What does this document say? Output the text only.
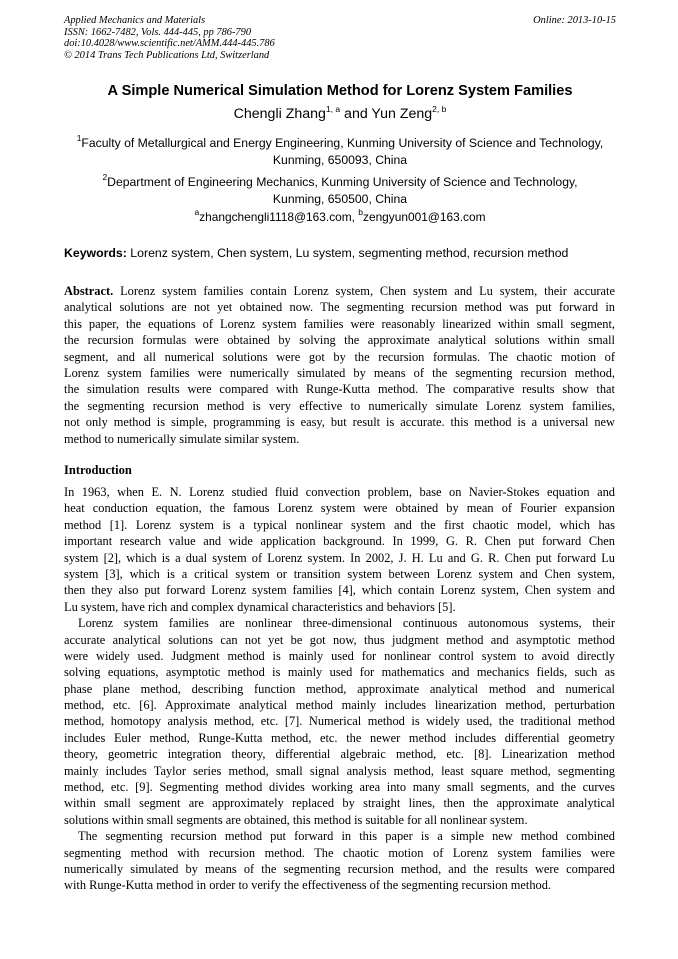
Applied Mechanics and Materials
ISSN: 1662-7482, Vols. 444-445, pp 786-790
doi:10.4028/www.scientific.net/AMM.444-445.786
© 2014 Trans Tech Publications Ltd, Switzerland
Online: 2013-10-15
A Simple Numerical Simulation Method for Lorenz System Families
Chengli Zhang$^{1, a}$ and Yun Zeng$^{2, b}$
$^1$Faculty of Metallurgical and Energy Engineering, Kunming University of Science and Technology,
Kunming, 650093, China
$^2$Department of Engineering Mechanics, Kunming University of Science and Technology,
Kunming, 650500, China
$^a$zhangchengli1118@163.com, $^b$zengyun001@163.com
Keywords: Lorenz system, Chen system, Lu system, segmenting method, recursion method
Abstract. Lorenz system families contain Lorenz system, Chen system and Lu system, their accurate
analytical solutions are not yet obtained now. The segmenting recursion method was put forward in
this paper, the equations of Lorenz system families were reasonably linearized within small segment,
the recursion formulas were obtained by solving the approximate analytical solutions within small
segment, and all numerical solutions were got by the recursion formulas. The chaotic motion of
Lorenz system families were numerically simulated by means of the segmenting recursion method,
the simulation results were compared with Runge-Kutta method. The comparative results show that
the segmenting recursion method is very effective to numerically simulate Lorenz system families,
not only method is simple, programming is easy, but result is accurate. this method is a universal new
method to numerically simulate similar system.
Introduction
In 1963, when E. N. Lorenz studied fluid convection problem, base on Navier-Stokes equation and
heat conduction equation, the famous Lorenz system were obtained by mean of Fourier expansion
method [1]. Lorenz system is a typical nonlinear system and the first chaotic model, which has
important research value and wide application background. In 1999, G. R. Chen put forward Chen
system [2], which is a dual system of Lorenz system. In 2002, J. H. Lu and G. R. Chen put forward Lu
system [3], which is a critical system or transition system between Lorenz system and Chen system,
then they also put forward Lorenz system families [4], which contain Lorenz system, Chen system and
Lu system, have rich and complex dynamical characteristics and behaviors [5].
Lorenz system families are nonlinear three-dimensional continuous autonomous systems, their
accurate analytical solutions can not yet be got now, thus judgment method and asymptotic method
were widely used. Judgment method is mainly used for nonlinear control system to avoid directly
solving equations, asymptotic method is mainly used for mathematics and mechanics fields, such as
phase plane method, describing function method, approximate analytical method and numerical
method, etc. [6]. Approximate analytical method mainly includes linearization method, perturbation
method, homotopy analysis method, etc. [7]. Numerical method is widely used, the traditional method
includes Euler method, Runge-Kutta method, etc. the newer method includes differential geometry
theory, geometric integration theory, differential algebraic method, etc. [8]. Linearization method
mainly includes Taylor series method, small signal analysis method, least square method, segmenting
method, etc. [9]. Segmenting method divides working area into many small segments, and the curves
within small segment are approximately replaced by straight lines, then the approximate analytical
solutions within small segments are obtained, this method is suitable for all nonlinear system.
The segmenting recursion method put forward in this paper is a simple new method combined
segmenting method with recursion method. The chaotic motion of Lorenz system families were
numerically simulated by means of the segmenting recursion method, and the results were compared
with Runge-Kutta method in order to verify the effectiveness of the segmenting recursion method.
